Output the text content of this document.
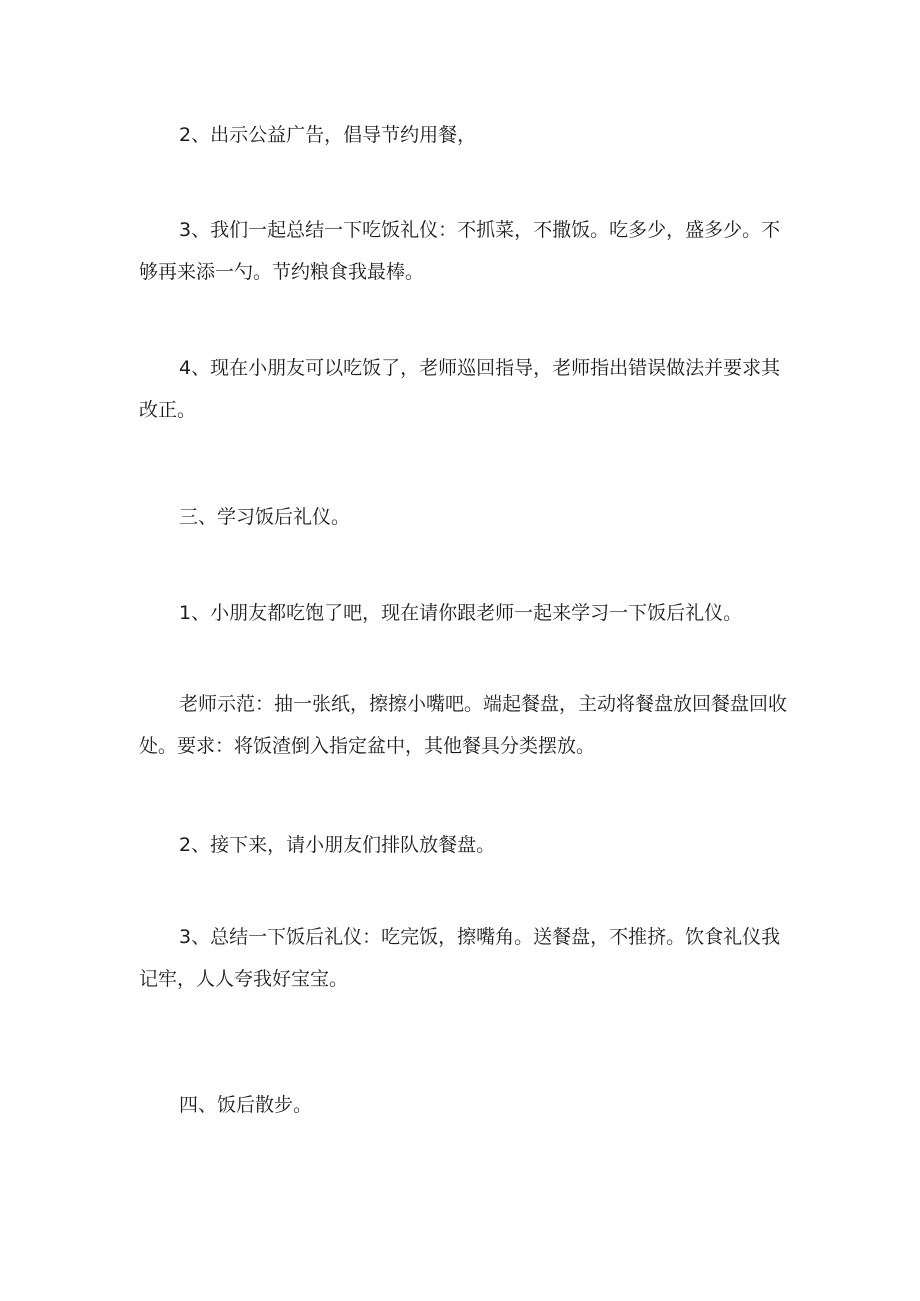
2、出示公益广告，倡导节约用餐，

3、我们一起总结一下吃饭礼仪：不抓菜，不撒饭。吃多少，盛多少。不够再来添一勺。节约粮食我最棒。

4、现在小朋友可以吃饭了，老师巡回指导，老师指出错误做法并要求其改正。

三、学习饭后礼仪。

1、小朋友都吃饱了吧，现在请你跟老师一起来学习一下饭后礼仪。

老师示范：抽一张纸，擦擦小嘴吧。端起餐盘，主动将餐盘放回餐盘回收处。要求：将饭渣倒入指定盆中，其他餐具分类摆放。

2、接下来，请小朋友们排队放餐盘。

3、总结一下饭后礼仪：吃完饭，擦嘴角。送餐盘，不推挤。饮食礼仪我记牢，人人夸我好宝宝。

四、饭后散步。
